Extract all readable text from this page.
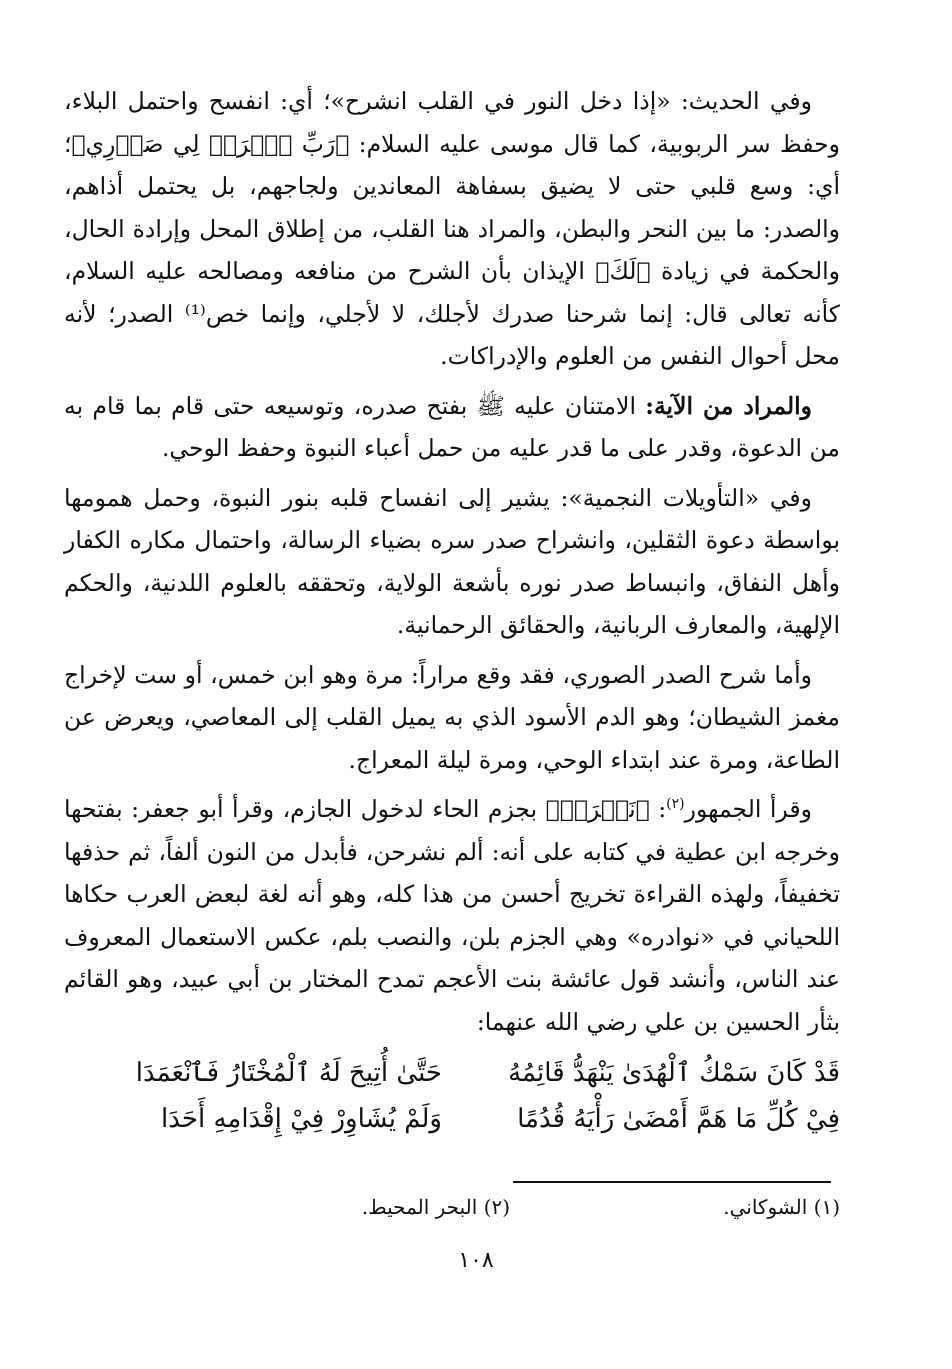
وفي الحديث: «إذا دخل النور في القلب انشرح»؛ أي: انفسح واحتمل البلاء، وحفظ سر الربوبية، كما قال موسى عليه السلام: ﴿رَبِّ ٱشۡرَحۡ لِي صَدۡرِي﴾؛ أي: وسع قلبي حتى لا يضيق بسفاهة المعاندين ولجاجهم، بل يحتمل أذاهم، والصدر: ما بين النحر والبطن، والمراد هنا القلب، من إطلاق المحل وإرادة الحال، والحكمة في زيادة ﴿لَكَ﴾ الإيذان بأن الشرح من منافعه ومصالحه عليه السلام، كأنه تعالى قال: إنما شرحنا صدرك لأجلك، لا لأجلي، وإنما خص⁽¹⁾ الصدر؛ لأنه محل أحوال النفس من العلوم والإدراكات.

والمراد من الآية: الامتنان عليه ﷺ بفتح صدره، وتوسيعه حتى قام بما قام به من الدعوة، وقدر على ما قدر عليه من حمل أعباء النبوة وحفظ الوحي.

وفي «التأويلات النجمية»: يشير إلى انفساح قلبه بنور النبوة، وحمل همومها بواسطة دعوة الثقلين، وانشراح صدر سره بضياء الرسالة، واحتمال مكاره الكفار وأهل النفاق، وانبساط صدر نوره بأشعة الولاية، وتحققه بالعلوم اللدنية، والحكم الإلهية، والمعارف الربانية، والحقائق الرحمانية.

وأما شرح الصدر الصوري، فقد وقع مراراً: مرة وهو ابن خمس، أو ست لإخراج مغمز الشيطان؛ وهو الدم الأسود الذي به يميل القلب إلى المعاصي، ويعرض عن الطاعة، ومرة عند ابتداء الوحي، ومرة ليلة المعراج.

وقرأ الجمهور$^{(٢)}$: ﴿نَشۡرَحۡ﴾ بجزم الحاء لدخول الجازم، وقرأ أبو جعفر: بفتحها وخرجه ابن عطية في كتابه على أنه: ألم نشرحن، فأبدل من النون ألفاً، ثم حذفها تخفيفاً، ولهذه القراءة تخريج أحسن من هذا كله، وهو أنه لغة لبعض العرب حكاها اللحياني في «نوادره» وهي الجزم بلن، والنصب بلم، عكس الاستعمال المعروف عند الناس، وأنشد قول عائشة بنت الأعجم تمدح المختار بن أبي عبيد، وهو القائم بثأر الحسين بن علي رضي الله عنهما:

قَدْ كَانَ سَمْكُ ٱلْهُدَىٰ يَنْهَدُّ قَائِمُهُ
حَتَّىٰ أُتِيحَ لَهُ ٱلْمُخْتَارُ فَٱنْعَمَدَا
فِيْ كُلِّ مَا هَمَّ أَمْضَىٰ رَأْيَهُ قُدُمًا
وَلَمْ يُشَاوِرْ فِيْ إِقْدَامِهِ أَحَدَا
(١) الشوكاني.
(٢) البحر المحيط.
١٠٨
